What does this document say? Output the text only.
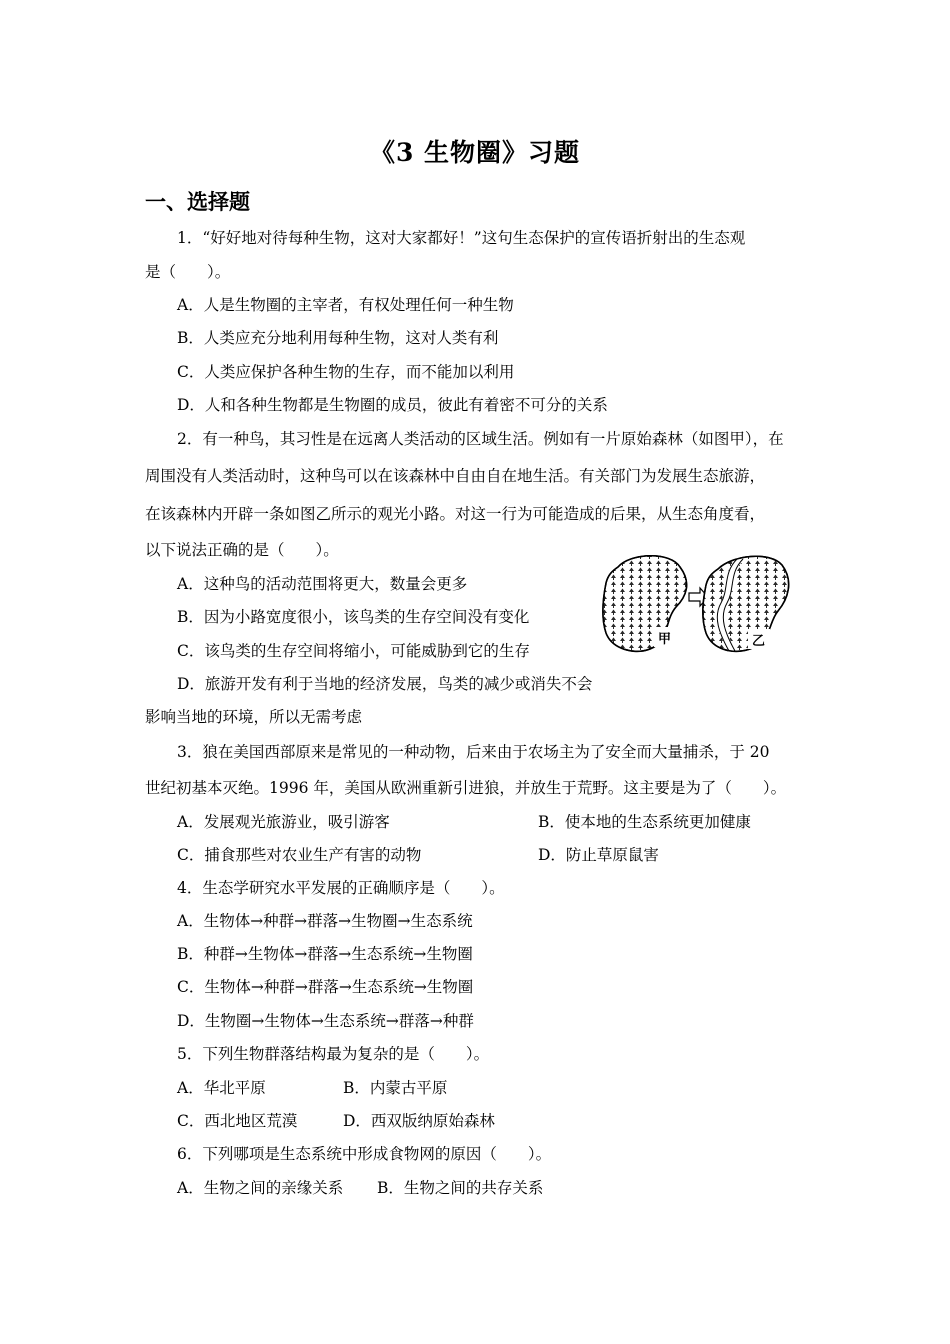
《3 生物圈》习题
一、选择题
1．“好好地对待每种生物，这对大家都好！”这句生态保护的宣传语折射出的生态观
是（　　）。
A．人是生物圈的主宰者，有权处理任何一种生物
B．人类应充分地利用每种生物，这对人类有利
C．人类应保护各种生物的生存，而不能加以利用
D．人和各种生物都是生物圈的成员，彼此有着密不可分的关系
2．有一种鸟，其习性是在远离人类活动的区域生活。例如有一片原始森林（如图甲），在
周围没有人类活动时，这种鸟可以在该森林中自由自在地生活。有关部门为发展生态旅游，
在该森林内开辟一条如图乙所示的观光小路。对这一行为可能造成的后果，从生态角度看，
以下说法正确的是（　　）。
A．这种鸟的活动范围将更大，数量会更多
B．因为小路宽度很小，该鸟类的生存空间没有变化
C．该鸟类的生存空间将缩小，可能威胁到它的生存
D．旅游开发有利于当地的经济发展，鸟类的减少或消失不会
影响当地的环境，所以无需考虑
甲	乙
3．狼在美国西部原来是常见的一种动物，后来由于农场主为了安全而大量捕杀，于 20
世纪初基本灭绝。1996 年，美国从欧洲重新引进狼，并放生于荒野。这主要是为了（　　）。
A．发展观光旅游业，吸引游客	B．使本地的生态系统更加健康
C．捕食那些对农业生产有害的动物	D．防止草原鼠害
4．生态学研究水平发展的正确顺序是（　　）。
A．生物体→种群→群落→生物圈→生态系统
B．种群→生物体→群落→生态系统→生物圈
C．生物体→种群→群落→生态系统→生物圈
D．生物圈→生物体→生态系统→群落→种群
5．下列生物群落结构最为复杂的是（　　）。
A．华北平原	B．内蒙古平原
C．西北地区荒漠	D．西双版纳原始森林
6．下列哪项是生态系统中形成食物网的原因（　　）。
A．生物之间的亲缘关系 B．生物之间的共存关系
